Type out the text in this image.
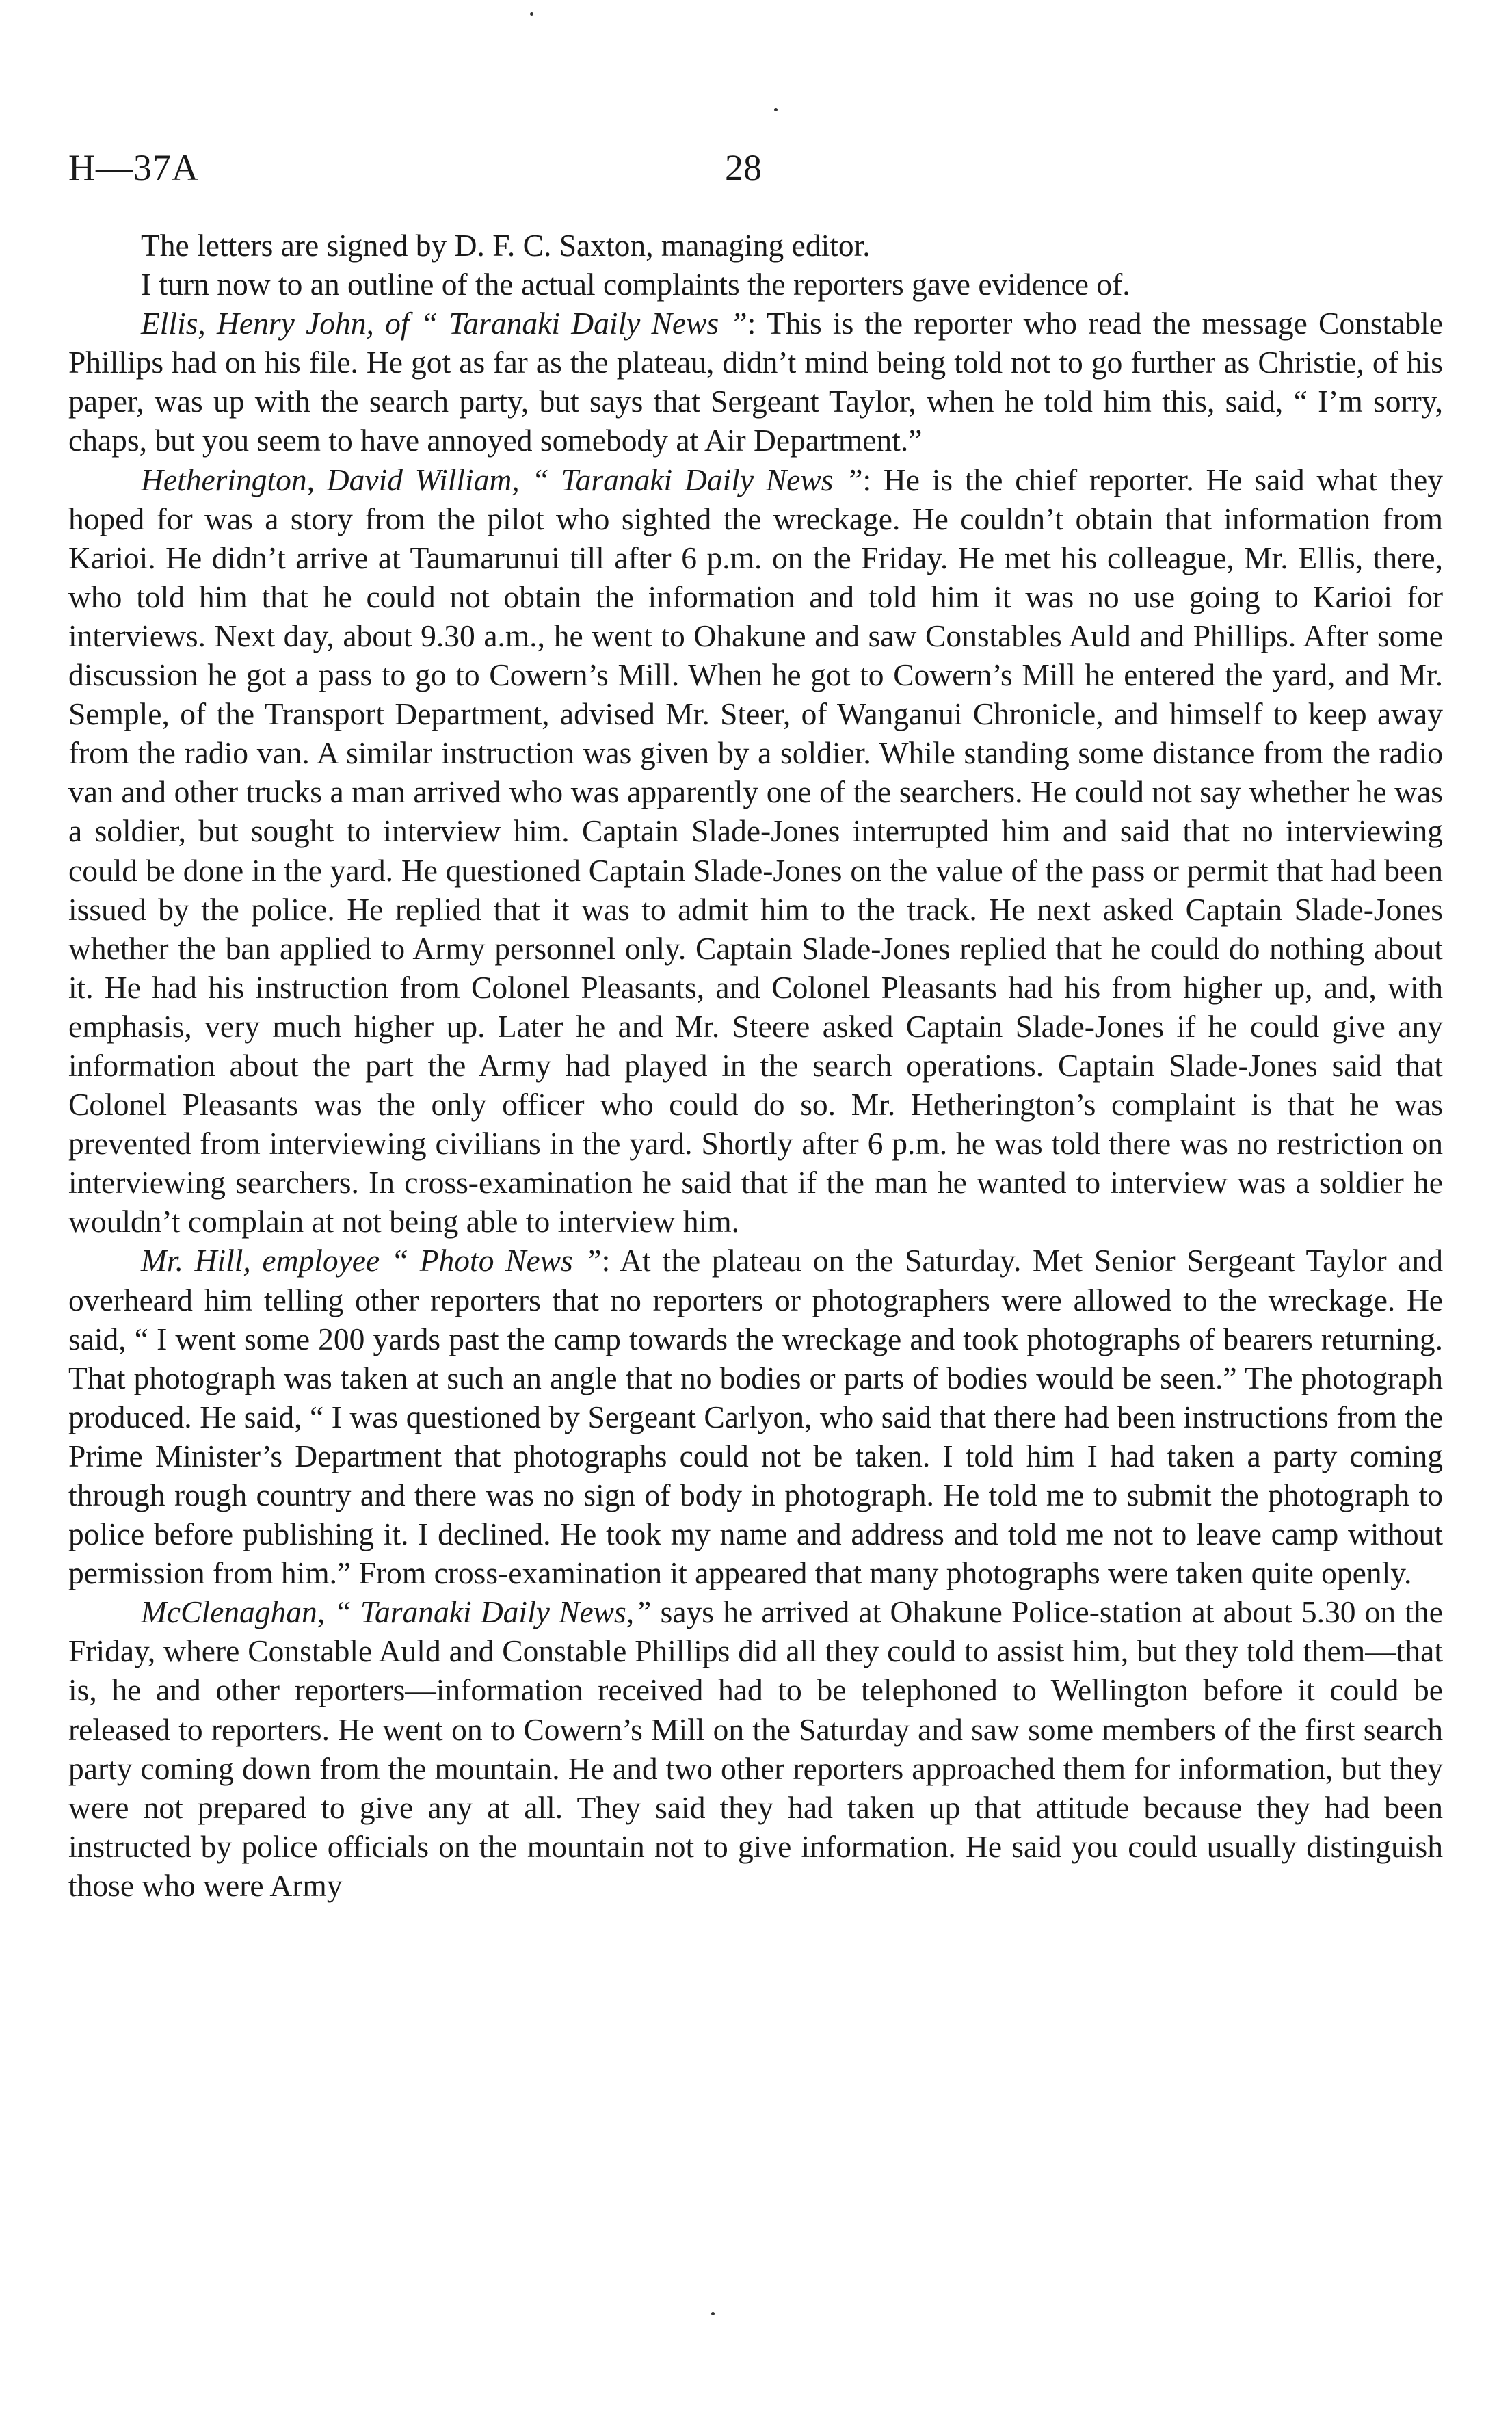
H—37A	28

The letters are signed by D. F. C. Saxton, managing editor.

I turn now to an outline of the actual complaints the reporters gave evidence of.

Ellis, Henry John, of “ Taranaki Daily News ”: This is the reporter who read the message Constable Phillips had on his file. He got as far as the plateau, didn’t mind being told not to go further as Christie, of his paper, was up with the search party, but says that Sergeant Taylor, when he told him this, said, “ I’m sorry, chaps, but you seem to have annoyed somebody at Air Department.”

Hetherington, David William, “ Taranaki Daily News ”: He is the chief reporter. He said what they hoped for was a story from the pilot who sighted the wreckage. He couldn’t obtain that information from Karioi. He didn’t arrive at Taumarunui till after 6 p.m. on the Friday. He met his colleague, Mr. Ellis, there, who told him that he could not obtain the information and told him it was no use going to Karioi for interviews. Next day, about 9.30 a.m., he went to Ohakune and saw Constables Auld and Phillips. After some discussion he got a pass to go to Cowern’s Mill. When he got to Cowern’s Mill he entered the yard, and Mr. Semple, of the Transport Department, advised Mr. Steer, of Wanganui Chronicle, and himself to keep away from the radio van. A similar instruction was given by a soldier. While standing some distance from the radio van and other trucks a man arrived who was apparently one of the searchers. He could not say whether he was a soldier, but sought to interview him. Captain Slade-Jones interrupted him and said that no interviewing could be done in the yard. He questioned Captain Slade-Jones on the value of the pass or permit that had been issued by the police. He replied that it was to admit him to the track. He next asked Captain Slade-Jones whether the ban applied to Army personnel only. Captain Slade-Jones replied that he could do nothing about it. He had his instruction from Colonel Pleasants, and Colonel Pleasants had his from higher up, and, with emphasis, very much higher up. Later he and Mr. Steere asked Captain Slade-Jones if he could give any information about the part the Army had played in the search operations. Captain Slade-Jones said that Colonel Pleasants was the only officer who could do so. Mr. Hetherington’s complaint is that he was prevented from interviewing civilians in the yard. Shortly after 6 p.m. he was told there was no restriction on interviewing searchers. In cross-examination he said that if the man he wanted to interview was a soldier he wouldn’t complain at not being able to interview him.

Mr. Hill, employee “ Photo News ”: At the plateau on the Saturday. Met Senior Sergeant Taylor and overheard him telling other reporters that no reporters or photographers were allowed to the wreckage. He said, “ I went some 200 yards past the camp towards the wreckage and took photographs of bearers returning. That photograph was taken at such an angle that no bodies or parts of bodies would be seen.” The photograph produced. He said, “ I was questioned by Sergeant Carlyon, who said that there had been instructions from the Prime Minister’s Department that photographs could not be taken. I told him I had taken a party coming through rough country and there was no sign of body in photograph. He told me to submit the photograph to police before publishing it. I declined. He took my name and address and told me not to leave camp without permission from him.” From cross-examination it appeared that many photographs were taken quite openly.

McClenaghan, “ Taranaki Daily News,” says he arrived at Ohakune Police-station at about 5.30 on the Friday, where Constable Auld and Constable Phillips did all they could to assist him, but they told them—that is, he and other reporters—information received had to be telephoned to Wellington before it could be released to reporters. He went on to Cowern’s Mill on the Saturday and saw some members of the first search party coming down from the mountain. He and two other reporters approached them for information, but they were not prepared to give any at all. They said they had taken up that attitude because they had been instructed by police officials on the mountain not to give information. He said you could usually distinguish those who were Army
